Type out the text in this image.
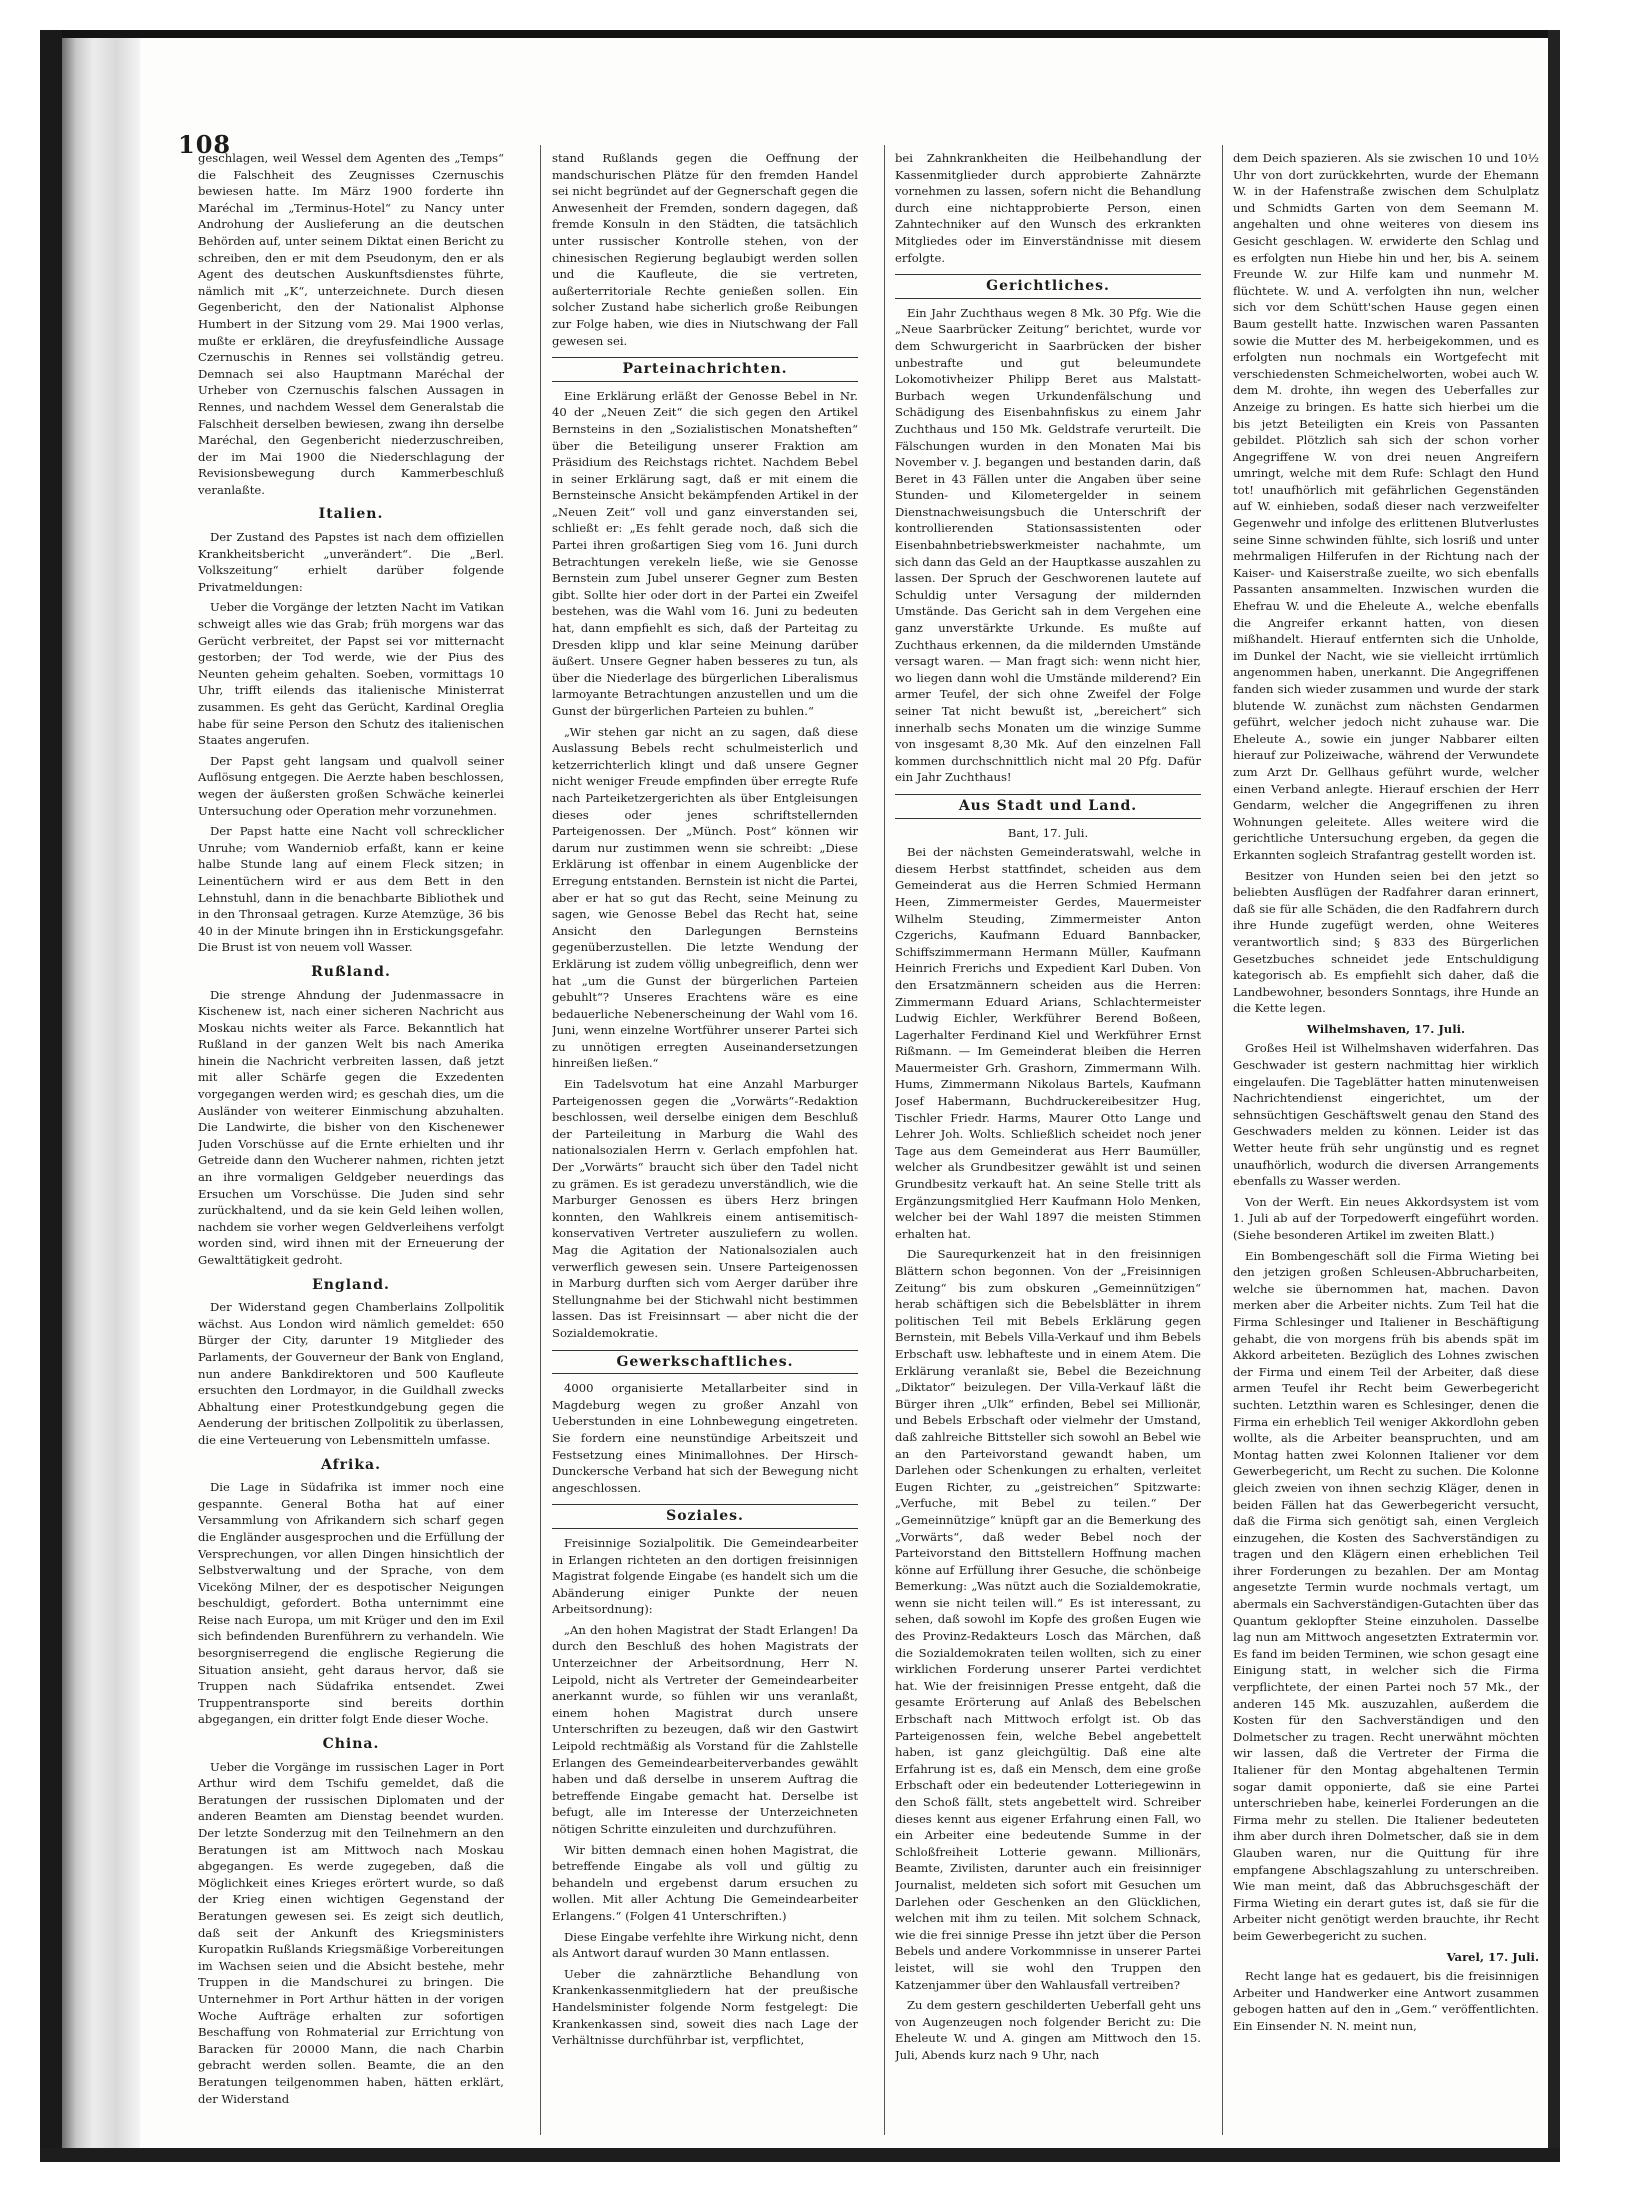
108

geschlagen, weil Wessel dem Agenten des „Temps“ die Falschheit des Zeugnisses Czernuschis bewiesen hatte. Im März 1900 forderte ihn Maréchal im „Terminus-Hotel“ zu Nancy unter Androhung der Auslieferung an die deutschen Behörden auf, unter seinem Diktat einen Bericht zu schreiben, den er mit dem Pseudonym, den er als Agent des deutschen Auskunftsdienstes führte, nämlich mit „K“, unterzeichnete. Durch diesen Gegenbericht, den der Nationalist Alphonse Humbert in der Sitzung vom 29. Mai 1900 verlas, mußte er erklären, die dreyfusfeindliche Aussage Czernuschis in Rennes sei vollständig getreu. Demnach sei also Hauptmann Maréchal der Urheber von Czernuschis falschen Aussagen in Rennes, und nachdem Wessel dem Generalstab die Falschheit derselben bewiesen, zwang ihn derselbe Maréchal, den Gegenbericht niederzuschreiben, der im Mai 1900 die Niederschlagung der Revisionsbewegung durch Kammerbeschluß veranlaßte.

Italien.

Der Zustand des Papstes ist nach dem offiziellen Krankheitsbericht „unverändert“. Die „Berl. Volkszeitung“ erhielt darüber folgende Privatmeldungen:

Ueber die Vorgänge der letzten Nacht im Vatikan schweigt alles wie das Grab; früh morgens war das Gerücht verbreitet, der Papst sei vor mitternacht gestorben; der Tod werde, wie der Pius des Neunten geheim gehalten. Soeben, vormittags 10 Uhr, trifft eilends das italienische Ministerrat zusammen. Es geht das Gerücht, Kardinal Oreglia habe für seine Person den Schutz des italienischen Staates angerufen.

Der Papst geht langsam und qualvoll seiner Auflösung entgegen. Die Aerzte haben beschlossen, wegen der äußersten großen Schwäche keinerlei Untersuchung oder Operation mehr vorzunehmen.

Der Papst hatte eine Nacht voll schrecklicher Unruhe; vom Wanderniob erfaßt, kann er keine halbe Stunde lang auf einem Fleck sitzen; in Leinentüchern wird er aus dem Bett in den Lehnstuhl, dann in die benachbarte Bibliothek und in den Thronsaal getragen. Kurze Atemzüge, 36 bis 40 in der Minute bringen ihn in Erstickungsgefahr. Die Brust ist von neuem voll Wasser.

Rußland.

Die strenge Ahndung der Judenmassacre in Kischenew ist, nach einer sicheren Nachricht aus Moskau nichts weiter als Farce. Bekanntlich hat Rußland in der ganzen Welt bis nach Amerika hinein die Nachricht verbreiten lassen, daß jetzt mit aller Schärfe gegen die Exzedenten vorgegangen werden wird; es geschah dies, um die Ausländer von weiterer Einmischung abzuhalten. Die Landwirte, die bisher von den Kischenewer Juden Vorschüsse auf die Ernte erhielten und ihr Getreide dann den Wucherer nahmen, richten jetzt an ihre vormaligen Geldgeber neuerdings das Ersuchen um Vorschüsse. Die Juden sind sehr zurückhaltend, und da sie kein Geld leihen wollen, nachdem sie vorher wegen Geldverleihens verfolgt worden sind, wird ihnen mit der Erneuerung der Gewalttätigkeit gedroht.

England.

Der Widerstand gegen Chamberlains Zollpolitik wächst. Aus London wird nämlich gemeldet: 650 Bürger der City, darunter 19 Mitglieder des Parlaments, der Gouverneur der Bank von England, nun andere Bankdirektoren und 500 Kaufleute ersuchten den Lordmayor, in die Guildhall zwecks Abhaltung einer Protestkundgebung gegen die Aenderung der britischen Zollpolitik zu überlassen, die eine Verteuerung von Lebensmitteln umfasse.

Afrika.

Die Lage in Südafrika ist immer noch eine gespannte. General Botha hat auf einer Versammlung von Afrikandern sich scharf gegen die Engländer ausgesprochen und die Erfüllung der Versprechungen, vor allen Dingen hinsichtlich der Selbstverwaltung und der Sprache, von dem Viceköng Milner, der es despotischer Neigungen beschuldigt, gefordert. Botha unternimmt eine Reise nach Europa, um mit Krüger und den im Exil sich befindenden Burenführern zu verhandeln. Wie besorgniserregend die englische Regierung die Situation ansieht, geht daraus hervor, daß sie Truppen nach Südafrika entsendet. Zwei Truppentransporte sind bereits dorthin abgegangen, ein dritter folgt Ende dieser Woche.

China.

Ueber die Vorgänge im russischen Lager in Port Arthur wird dem Tschifu gemeldet, daß die Beratungen der russischen Diplomaten und der anderen Beamten am Dienstag beendet wurden. Der letzte Sonderzug mit den Teilnehmern an den Beratungen ist am Mittwoch nach Moskau abgegangen. Es werde zugegeben, daß die Möglichkeit eines Krieges erörtert wurde, so daß der Krieg einen wichtigen Gegenstand der Beratungen gewesen sei. Es zeigt sich deutlich, daß seit der Ankunft des Kriegsministers Kuropatkin Rußlands Kriegsmäßige Vorbereitungen im Wachsen seien und die Absicht bestehe, mehr Truppen in die Mandschurei zu bringen. Die Unternehmer in Port Arthur hätten in der vorigen Woche Aufträge erhalten zur sofortigen Beschaffung von Rohmaterial zur Errichtung von Baracken für 20000 Mann, die nach Charbin gebracht werden sollen. Beamte, die an den Beratungen teilgenommen haben, hätten erklärt, der Widerstand

stand Rußlands gegen die Oeffnung der mandschurischen Plätze für den fremden Handel sei nicht begründet auf der Gegnerschaft gegen die Anwesenheit der Fremden, sondern dagegen, daß fremde Konsuln in den Städten, die tatsächlich unter russischer Kontrolle stehen, von der chinesischen Regierung beglaubigt werden sollen und die Kaufleute, die sie vertreten, außerterritoriale Rechte genießen sollen. Ein solcher Zustand habe sicherlich große Reibungen zur Folge haben, wie dies in Niutschwang der Fall gewesen sei.

Parteinachrichten.

Eine Erklärung erläßt der Genosse Bebel in Nr. 40 der „Neuen Zeit“ die sich gegen den Artikel Bernsteins in den „Sozialistischen Monatsheften“ über die Beteiligung unserer Fraktion am Präsidium des Reichstags richtet. Nachdem Bebel in seiner Erklärung sagt, daß er mit einem die Bernsteinsche Ansicht bekämpfenden Artikel in der „Neuen Zeit“ voll und ganz einverstanden sei, schließt er: „Es fehlt gerade noch, daß sich die Partei ihren großartigen Sieg vom 16. Juni durch Betrachtungen verekeln ließe, wie sie Genosse Bernstein zum Jubel unserer Gegner zum Besten gibt. Sollte hier oder dort in der Partei ein Zweifel bestehen, was die Wahl vom 16. Juni zu bedeuten hat, dann empfiehlt es sich, daß der Parteitag zu Dresden klipp und klar seine Meinung darüber äußert. Unsere Gegner haben besseres zu tun, als über die Niederlage des bürgerlichen Liberalismus larmoyante Betrachtungen anzustellen und um die Gunst der bürgerlichen Parteien zu buhlen.“

„Wir stehen gar nicht an zu sagen, daß diese Auslassung Bebels recht schulmeisterlich und ketzerrichterlich klingt und daß unsere Gegner nicht weniger Freude empfinden über erregte Rufe nach Parteiketzergerichten als über Entgleisungen dieses oder jenes schriftstellernden Parteigenossen. Der „Münch. Post“ können wir darum nur zustimmen wenn sie schreibt: „Diese Erklärung ist offenbar in einem Augenblicke der Erregung entstanden. Bernstein ist nicht die Partei, aber er hat so gut das Recht, seine Meinung zu sagen, wie Genosse Bebel das Recht hat, seine Ansicht den Darlegungen Bernsteins gegenüberzustellen. Die letzte Wendung der Erklärung ist zudem völlig unbegreiflich, denn wer hat „um die Gunst der bürgerlichen Parteien gebuhlt“? Unseres Erachtens wäre es eine bedauerliche Nebenerscheinung der Wahl vom 16. Juni, wenn einzelne Wortführer unserer Partei sich zu unnötigen erregten Auseinandersetzungen hinreißen ließen.“

Ein Tadelsvotum hat eine Anzahl Marburger Parteigenossen gegen die „Vorwärts“-Redaktion beschlossen, weil derselbe einigen dem Beschluß der Parteileitung in Marburg die Wahl des nationalsozialen Herrn v. Gerlach empfohlen hat. Der „Vorwärts“ braucht sich über den Tadel nicht zu grämen. Es ist geradezu unverständlich, wie die Marburger Genossen es übers Herz bringen konnten, den Wahlkreis einem antisemitisch-konservativen Vertreter auszuliefern zu wollen. Mag die Agitation der Nationalsozialen auch verwerflich gewesen sein. Unsere Parteigenossen in Marburg durften sich vom Aerger darüber ihre Stellungnahme bei der Stichwahl nicht bestimmen lassen. Das ist Freisinnsart — aber nicht die der Sozialdemokratie.

Gewerkschaftliches.

4000 organisierte Metallarbeiter sind in Magdeburg wegen zu großer Anzahl von Ueberstunden in eine Lohnbewegung eingetreten. Sie fordern eine neunstündige Arbeitszeit und Festsetzung eines Minimallohnes. Der Hirsch-Dunckersche Verband hat sich der Bewegung nicht angeschlossen.

Soziales.

Freisinnige Sozialpolitik. Die Gemeindearbeiter in Erlangen richteten an den dortigen freisinnigen Magistrat folgende Eingabe (es handelt sich um die Abänderung einiger Punkte der neuen Arbeitsordnung):

„An den hohen Magistrat der Stadt Erlangen! Da durch den Beschluß des hohen Magistrats der Unterzeichner der Arbeitsordnung, Herr N. Leipold, nicht als Vertreter der Gemeindearbeiter anerkannt wurde, so fühlen wir uns veranlaßt, einem hohen Magistrat durch unsere Unterschriften zu bezeugen, daß wir den Gastwirt Leipold rechtmäßig als Vorstand für die Zahlstelle Erlangen des Gemeindearbeiterverbandes gewählt haben und daß derselbe in unserem Auftrag die betreffende Eingabe gemacht hat. Derselbe ist befugt, alle im Interesse der Unterzeichneten nötigen Schritte einzuleiten und durchzuführen.

Wir bitten demnach einen hohen Magistrat, die betreffende Eingabe als voll und gültig zu behandeln und ergebenst darum ersuchen zu wollen. Mit aller Achtung Die Gemeindearbeiter Erlangens.“ (Folgen 41 Unterschriften.)

Diese Eingabe verfehlte ihre Wirkung nicht, denn als Antwort darauf wurden 30 Mann entlassen.

Ueber die zahnärztliche Behandlung von Krankenkassenmitgliedern hat der preußische Handelsminister folgende Norm festgelegt: Die Krankenkassen sind, soweit dies nach Lage der Verhältnisse durchführbar ist, verpflichtet,

bei Zahnkrankheiten die Heilbehandlung der Kassenmitglieder durch approbierte Zahnärzte vornehmen zu lassen, sofern nicht die Behandlung durch eine nichtapprobierte Person, einen Zahntechniker auf den Wunsch des erkrankten Mitgliedes oder im Einverständnisse mit diesem erfolgte.

Gerichtliches.

Ein Jahr Zuchthaus wegen 8 Mk. 30 Pfg. Wie die „Neue Saarbrücker Zeitung“ berichtet, wurde vor dem Schwurgericht in Saarbrücken der bisher unbestrafte und gut beleumundete Lokomotivheizer Philipp Beret aus Malstatt-Burbach wegen Urkundenfälschung und Schädigung des Eisenbahnfiskus zu einem Jahr Zuchthaus und 150 Mk. Geldstrafe verurteilt. Die Fälschungen wurden in den Monaten Mai bis November v. J. begangen und bestanden darin, daß Beret in 43 Fällen unter die Angaben über seine Stunden- und Kilometergelder in seinem Dienstnachweisungsbuch die Unterschrift der kontrollierenden Stationsassistenten oder Eisenbahnbetriebswerkmeister nachahmte, um sich dann das Geld an der Hauptkasse auszahlen zu lassen. Der Spruch der Geschworenen lautete auf Schuldig unter Versagung der mildernden Umstände. Das Gericht sah in dem Vergehen eine ganz unverstärkte Urkunde. Es mußte auf Zuchthaus erkennen, da die mildernden Umstände versagt waren. — Man fragt sich: wenn nicht hier, wo liegen dann wohl die Umstände milderend? Ein armer Teufel, der sich ohne Zweifel der Folge seiner Tat nicht bewußt ist, „bereichert“ sich innerhalb sechs Monaten um die winzige Summe von insgesamt 8,30 Mk. Auf den einzelnen Fall kommen durchschnittlich nicht mal 20 Pfg. Dafür ein Jahr Zuchthaus!

Aus Stadt und Land.
Bant, 17. Juli.

Bei der nächsten Gemeinderatswahl, welche in diesem Herbst stattfindet, scheiden aus dem Gemeinderat aus die Herren Schmied Hermann Heen, Zimmermeister Gerdes, Mauermeister Wilhelm Steuding, Zimmermeister Anton Czgerichs, Kaufmann Eduard Bannbacker, Schiffszimmermann Hermann Müller, Kaufmann Heinrich Frerichs und Expedient Karl Duben. Von den Ersatzmännern scheiden aus die Herren: Zimmermann Eduard Arians, Schlachtermeister Ludwig Eichler, Werkführer Berend Boßeen, Lagerhalter Ferdinand Kiel und Werkführer Ernst Rißmann. — Im Gemeinderat bleiben die Herren Mauermeister Grh. Grashorn, Zimmermann Wilh. Hums, Zimmermann Nikolaus Bartels, Kaufmann Josef Habermann, Buchdruckereibesitzer Hug, Tischler Friedr. Harms, Maurer Otto Lange und Lehrer Joh. Wolts. Schließlich scheidet noch jener Tage aus dem Gemeinderat aus Herr Baumüller, welcher als Grundbesitzer gewählt ist und seinen Grundbesitz verkauft hat. An seine Stelle tritt als Ergänzungsmitglied Herr Kaufmann Holo Menken, welcher bei der Wahl 1897 die meisten Stimmen erhalten hat.

Die Saurequrkenzeit hat in den freisinnigen Blättern schon begonnen. Von der „Freisinnigen Zeitung“ bis zum obskuren „Gemeinnützigen“ herab schäftigen sich die Bebelsblätter in ihrem politischen Teil mit Bebels Erklärung gegen Bernstein, mit Bebels Villa-Verkauf und ihm Bebels Erbschaft usw. lebhafteste und in einem Atem. Die Erklärung veranlaßt sie, Bebel die Bezeichnung „Diktator“ beizulegen. Der Villa-Verkauf läßt die Bürger ihren „Ulk“ erfinden, Bebel sei Millionär, und Bebels Erbschaft oder vielmehr der Umstand, daß zahlreiche Bittsteller sich sowohl an Bebel wie an den Parteivorstand gewandt haben, um Darlehen oder Schenkungen zu erhalten, verleitet Eugen Richter, zu „geistreichen“ Spitzwarte: „Verfuche, mit Bebel zu teilen.“ Der „Gemeinnützige“ knüpft gar an die Bemerkung des „Vorwärts“, daß weder Bebel noch der Parteivorstand den Bittstellern Hoffnung machen könne auf Erfüllung ihrer Gesuche, die schönbeige Bemerkung: „Was nützt auch die Sozialdemokratie, wenn sie nicht teilen will.“ Es ist interessant, zu sehen, daß sowohl im Kopfe des großen Eugen wie des Provinz-Redakteurs Losch das Märchen, daß die Sozialdemokraten teilen wollten, sich zu einer wirklichen Forderung unserer Partei verdichtet hat. Wie der freisinnigen Presse entgeht, daß die gesamte Erörterung auf Anlaß des Bebelschen Erbschaft nach Mittwoch erfolgt ist. Ob das Parteigenossen fein, welche Bebel angebettelt haben, ist ganz gleichgültig. Daß eine alte Erfahrung ist es, daß ein Mensch, dem eine große Erbschaft oder ein bedeutender Lotteriegewinn in den Schoß fällt, stets angebettelt wird. Schreiber dieses kennt aus eigener Erfahrung einen Fall, wo ein Arbeiter eine bedeutende Summe in der Schloßfreiheit Lotterie gewann. Millionärs, Beamte, Zivilisten, darunter auch ein freisinniger Journalist, meldeten sich sofort mit Gesuchen um Darlehen oder Geschenken an den Glücklichen, welchen mit ihm zu teilen. Mit solchem Schnack, wie die frei sinnige Presse ihn jetzt über die Person Bebels und andere Vorkommnisse in unserer Partei leistet, will sie wohl den Truppen den Katzenjammer über den Wahlausfall vertreiben?

Zu dem gestern geschilderten Ueberfall geht uns von Augenzeugen noch folgender Bericht zu: Die Eheleute W. und A. gingen am Mittwoch den 15. Juli, Abends kurz nach 9 Uhr, nach

dem Deich spazieren. Als sie zwischen 10 und 10½ Uhr von dort zurückkehrten, wurde der Ehemann W. in der Hafenstraße zwischen dem Schulplatz und Schmidts Garten von dem Seemann M. angehalten und ohne weiteres von diesem ins Gesicht geschlagen. W. erwiderte den Schlag und es erfolgten nun Hiebe hin und her, bis A. seinem Freunde W. zur Hilfe kam und nunmehr M. flüchtete. W. und A. verfolgten ihn nun, welcher sich vor dem Schütt'schen Hause gegen einen Baum gestellt hatte. Inzwischen waren Passanten sowie die Mutter des M. herbeigekommen, und es erfolgten nun nochmals ein Wortgefecht mit verschiedensten Schmeichelworten, wobei auch W. dem M. drohte, ihn wegen des Ueberfalles zur Anzeige zu bringen. Es hatte sich hierbei um die bis jetzt Beteiligten ein Kreis von Passanten gebildet. Plötzlich sah sich der schon vorher Angegriffene W. von drei neuen Angreifern umringt, welche mit dem Rufe: Schlagt den Hund tot! unaufhörlich mit gefährlichen Gegenständen auf W. einhieben, sodaß dieser nach verzweifelter Gegenwehr und infolge des erlittenen Blutverlustes seine Sinne schwinden fühlte, sich losriß und unter mehrmaligen Hilferufen in der Richtung nach der Kaiser- und Kaiserstraße zueilte, wo sich ebenfalls Passanten ansammelten. Inzwischen wurden die Ehefrau W. und die Eheleute A., welche ebenfalls die Angreifer erkannt hatten, von diesen mißhandelt. Hierauf entfernten sich die Unholde, im Dunkel der Nacht, wie sie vielleicht irrtümlich angenommen haben, unerkannt. Die Angegriffenen fanden sich wieder zusammen und wurde der stark blutende W. zunächst zum nächsten Gendarmen geführt, welcher jedoch nicht zuhause war. Die Eheleute A., sowie ein junger Nabbarer eilten hierauf zur Polizeiwache, während der Verwundete zum Arzt Dr. Gellhaus geführt wurde, welcher einen Verband anlegte. Hierauf erschien der Herr Gendarm, welcher die Angegriffenen zu ihren Wohnungen geleitete. Alles weitere wird die gerichtliche Untersuchung ergeben, da gegen die Erkannten sogleich Strafantrag gestellt worden ist.

Besitzer von Hunden seien bei den jetzt so beliebten Ausflügen der Radfahrer daran erinnert, daß sie für alle Schäden, die den Radfahrern durch ihre Hunde zugefügt werden, ohne Weiteres verantwortlich sind; § 833 des Bürgerlichen Gesetzbuches schneidet jede Entschuldigung kategorisch ab. Es empfiehlt sich daher, daß die Landbewohner, besonders Sonntags, ihre Hunde an die Kette legen.

Wilhelmshaven, 17. Juli.

Großes Heil ist Wilhelmshaven widerfahren. Das Geschwader ist gestern nachmittag hier wirklich eingelaufen. Die Tageblätter hatten minutenweisen Nachrichtendienst eingerichtet, um der sehnsüchtigen Geschäftswelt genau den Stand des Geschwaders melden zu können. Leider ist das Wetter heute früh sehr ungünstig und es regnet unaufhörlich, wodurch die diversen Arrangements ebenfalls zu Wasser werden.

Von der Werft. Ein neues Akkordsystem ist vom 1. Juli ab auf der Torpedowerft eingeführt worden. (Siehe besonderen Artikel im zweiten Blatt.)

Ein Bombengeschäft soll die Firma Wieting bei den jetzigen großen Schleusen-Abbrucharbeiten, welche sie übernommen hat, machen. Davon merken aber die Arbeiter nichts. Zum Teil hat die Firma Schlesinger und Italiener in Beschäftigung gehabt, die von morgens früh bis abends spät im Akkord arbeiteten. Bezüglich des Lohnes zwischen der Firma und einem Teil der Arbeiter, daß diese armen Teufel ihr Recht beim Gewerbegericht suchten. Letzthin waren es Schlesinger, denen die Firma ein erheblich Teil weniger Akkordlohn geben wollte, als die Arbeiter beanspruchten, und am Montag hatten zwei Kolonnen Italiener vor dem Gewerbegericht, um Recht zu suchen. Die Kolonne gleich zweien von ihnen sechzig Kläger, denen in beiden Fällen hat das Gewerbegericht versucht, daß die Firma sich genötigt sah, einen Vergleich einzugehen, die Kosten des Sachverständigen zu tragen und den Klägern einen erheblichen Teil ihrer Forderungen zu bezahlen. Der am Montag angesetzte Termin wurde nochmals vertagt, um abermals ein Sachverständigen-Gutachten über das Quantum geklopfter Steine einzuholen. Dasselbe lag nun am Mittwoch angesetzten Extratermin vor. Es fand im beiden Terminen, wie schon gesagt eine Einigung statt, in welcher sich die Firma verpflichtete, der einen Partei noch 57 Mk., der anderen 145 Mk. auszuzahlen, außerdem die Kosten für den Sachverständigen und den Dolmetscher zu tragen. Recht unerwähnt möchten wir lassen, daß die Vertreter der Firma die Italiener für den Montag abgehaltenen Termin sogar damit opponierte, daß sie eine Partei unterschrieben habe, keinerlei Forderungen an die Firma mehr zu stellen. Die Italiener bedeuteten ihm aber durch ihren Dolmetscher, daß sie in dem Glauben waren, nur die Quittung für ihre empfangene Abschlagszahlung zu unterschreiben. Wie man meint, daß das Abbruchsgeschäft der Firma Wieting ein derart gutes ist, daß sie für die Arbeiter nicht genötigt werden brauchte, ihr Recht beim Gewerbegericht zu suchen.

Varel, 17. Juli.

Recht lange hat es gedauert, bis die freisinnigen Arbeiter und Handwerker eine Antwort zusammen gebogen hatten auf den in „Gem.“ veröffentlichten. Ein Einsender N. N. meint nun,
